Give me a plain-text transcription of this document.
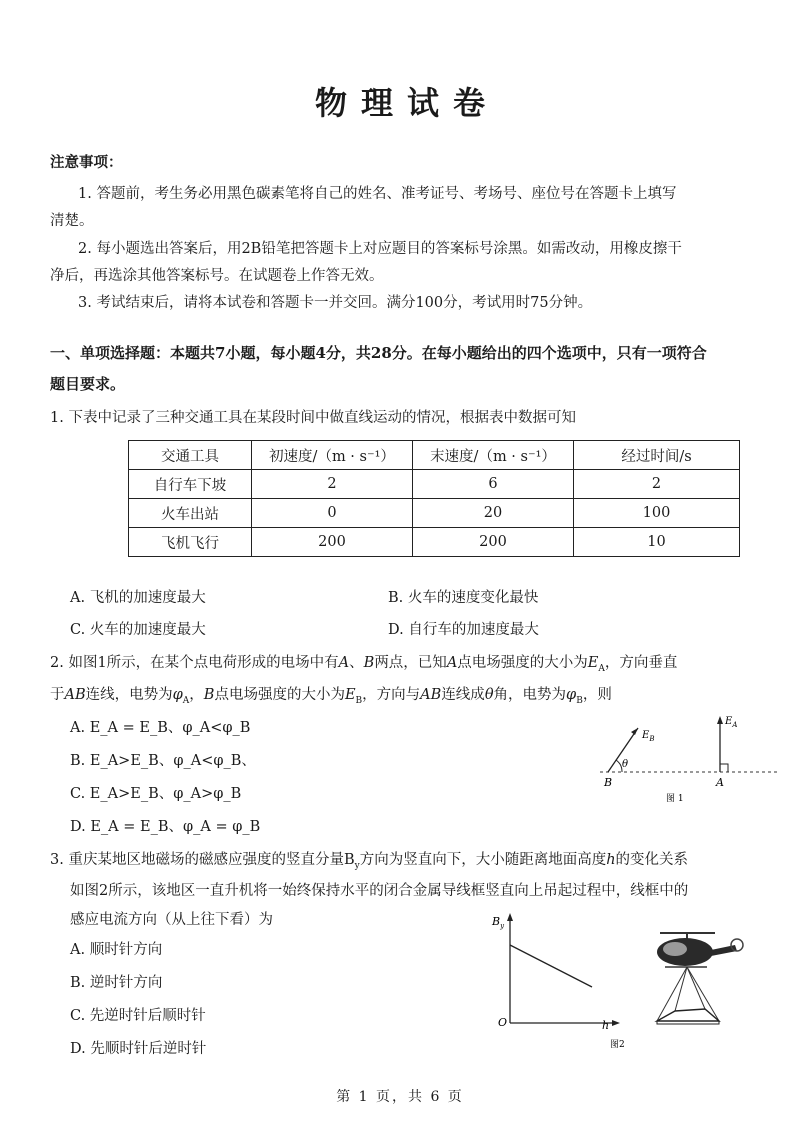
物理试卷
注意事项：
1. 答题前，考生务必用黑色碳素笔将自己的姓名、准考证号、考场号、座位号在答题卡上填写
清楚。
2. 每小题选出答案后，用2B铅笔把答题卡上对应题目的答案标号涂黑。如需改动，用橡皮擦干
净后，再选涂其他答案标号。在试题卷上作答无效。
3. 考试结束后，请将本试卷和答题卡一并交回。满分100分，考试用时75分钟。
一、单项选择题：本题共7小题，每小题4分，共28分。在每小题给出的四个选项中，只有一项符合
题目要求。
1. 下表中记录了三种交通工具在某段时间中做直线运动的情况，根据表中数据可知
交通工具	初速度/（m · s⁻¹）	末速度/（m · s⁻¹）	经过时间/s
自行车下坡	2	6	2
火车出站	0	20	100
飞机飞行	200	200	10
A. 飞机的加速度最大	B. 火车的速度变化最快
C. 火车的加速度最大	D. 自行车的加速度最大
2. 如图1所示，在某个点电荷形成的电场中有A、B两点，已知A点电场强度的大小为$E_A$，方向垂直
于AB连线，电势为$\varphi_A$，B点电场强度的大小为$E_B$，方向与AB连线成θ角，电势为$\varphi_B$，则
A. E_A = E_B、φ_A<φ_B
B. E_A>E_B、φ_A<φ_B、
C. E_A>E_B、φ_A>φ_B
D. E_A = E_B、φ_A = φ_B
$E_B$
$E_A$
θ
B	A
图 1
3. 重庆某地区地磁场的磁感应强度的竖直分量$B_y$方向为竖直向下，大小随距离地面高度h的变化关系
如图2所示，该地区一直升机将一始终保持水平的闭合金属导线框竖直向上吊起过程中，线框中的
感应电流方向（从上往下看）为
A. 顺时针方向
B. 逆时针方向
C. 先逆时针后顺时针
D. 先顺时针后逆时针
$B_y$
O	h
图2
第 1 页，共 6 页
